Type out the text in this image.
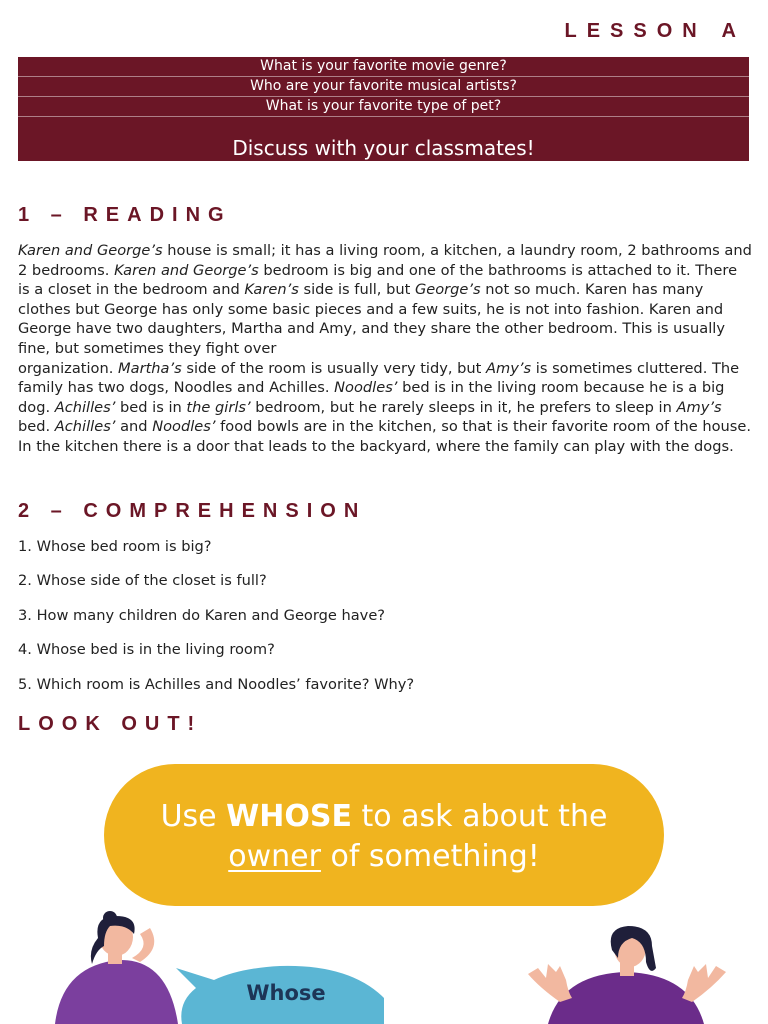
LESSON A
What is your favorite movie genre?
Who are your favorite musical artists?
What is your favorite type of pet?
Discuss with your classmates!
1 – READING

Karen and George’s house is small; it has a living room, a kitchen, a laundry room, 2 bathrooms and 2 bedrooms. Karen and George’s bedroom is big and one of the bathrooms is attached to it. There is a closet in the bedroom and Karen’s side is full, but George’s not so much. Karen has many clothes but George has only some basic pieces and a few suits, he is not into fashion. Karen and George have two daughters, Martha and Amy, and they share the other bedroom. This is usually fine, but sometimes they fight over
organization. Martha’s side of the room is usually very tidy, but Amy’s is sometimes cluttered. The family has two dogs, Noodles and Achilles. Noodles’ bed is in the living room because he is a big dog. Achilles’ bed is in the girls’ bedroom, but he rarely sleeps in it, he prefers to sleep in Amy’s bed. Achilles’ and Noodles’ food bowls are in the kitchen, so that is their favorite room of the house. In the kitchen there is a door that leads to the backyard, where the family can play with the dogs.

2 – COMPREHENSION
1. Whose bed room is big?
2. Whose side of the closet is full?
3. How many children do Karen and George have?
4. Whose bed is in the living room?
5. Which room is Achilles and Noodles’ favorite? Why?
LOOK OUT!
Use WHOSE to ask about the
owner of something!
Whose
